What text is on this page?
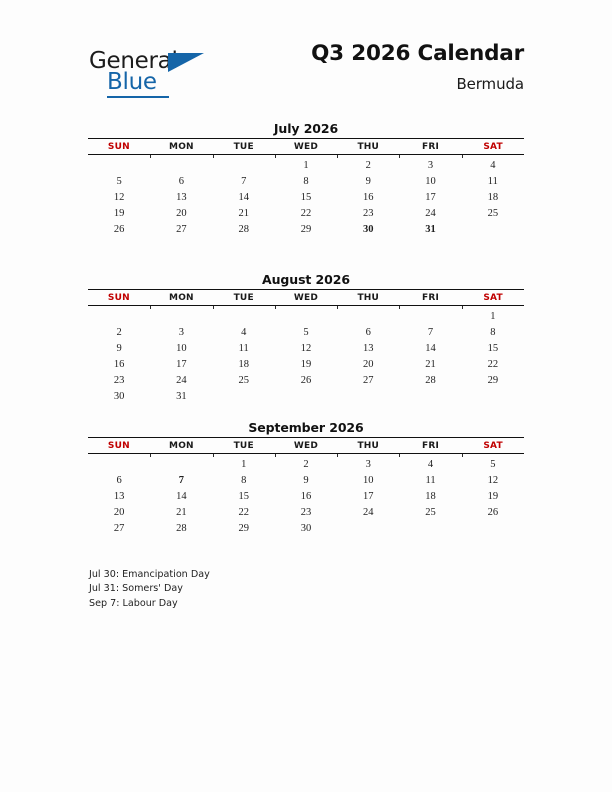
General
Blue
Q3 2026 Calendar
Bermuda
July 2026
SUN	MON	TUE	WED	THU	FRI	SAT
			1	2	3	4
5	6	7	8	9	10	11
12	13	14	15	16	17	18
19	20	21	22	23	24	25
26	27	28	29	30	31	
August 2026
SUN	MON	TUE	WED	THU	FRI	SAT
						1
2	3	4	5	6	7	8
9	10	11	12	13	14	15
16	17	18	19	20	21	22
23	24	25	26	27	28	29
30	31					
September 2026
SUN	MON	TUE	WED	THU	FRI	SAT
		1	2	3	4	5
6	7	8	9	10	11	12
13	14	15	16	17	18	19
20	21	22	23	24	25	26
27	28	29	30			
Jul 30: Emancipation Day
Jul 31: Somers' Day
Sep 7: Labour Day
